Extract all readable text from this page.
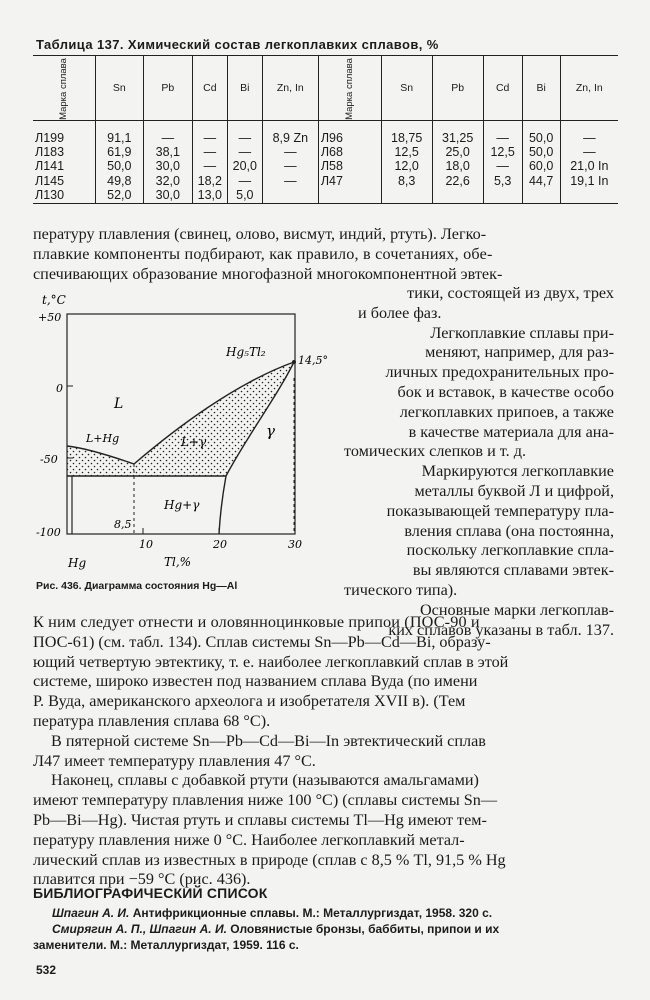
Таблица 137. Химический состав легкоплавких сплавов, %
Марка сплава	Sn	Pb	Cd	Bi	Zn, In	Марка сплава	Sn	Pb	Cd	Bi	Zn, In
Л199	91,1	—	—	—	8,9 Zn	Л96	18,75	31,25	—	50,0	—
Л183	61,9	38,1	—	—	—	Л68	12,5	25,0	12,5	50,0	—
Л141	50,0	30,0	—	20,0	—	Л58	12,0	18,0	—	60,0	21,0 In
Л145	49,8	32,0	18,2	—	—	Л47	8,3	22,6	5,3	44,7	19,1 In
Л130	52,0	30,0	13,0	5,0							
пературу плавления (свинец, олово, висмут, индий, ртуть). Легко-
плавкие компоненты подбирают, как правило, в сочетаниях, обе-
спечивающих образование многофазной многокомпонентной эвтек-
тики, состоящей из двух, трех
и более фаз.
Легкоплавкие сплавы при-
меняют, например, для раз-
личных предохранительных про-
бок и вставок, в качестве особо
легкоплавких припоев, а также
в качестве материала для ана-
томических слепков и т. д.
Маркируются легкоплавкие
металлы буквой Л и цифрой,
показывающей температуру пла-
вления сплава (она постоянна,
поскольку легкоплавкие спла-
вы являются сплавами эвтек-
тического типа).
Основные марки легкоплав-
ких сплавов указаны в табл. 137.
t,°C
+50
0
-50
-100
10	20	30
Hg	Tl,%
L
L+Hg
Hg₅Tl₂
L+γ
γ
Hg+γ
8,5
14,5°
Рис. 436. Диаграмма состояния Hg—Al
К ним следует отнести и оловянноцинковые припои (ПОС-90 и
ПОС-61) (см. табл. 134). Сплав системы Sn—Pb—Cd—Bi, образу-
ющий четвертую эвтектику, т. е. наиболее легкоплавкий сплав в этой
системе, широко известен под названием сплава Вуда (по имени
Р. Вуда, американского археолога и изобретателя XVII в). (Тем
пература плавления сплава 68 °С).
В пятерной системе Sn—Pb—Cd—Bi—In эвтектический сплав
Л47 имеет температуру плавления 47 °С.
Наконец, сплавы с добавкой ртути (называются амальгамами)
имеют температуру плавления ниже 100 °С) (сплавы системы Sn—
Pb—Bi—Hg). Чистая ртуть и сплавы системы Tl—Hg имеют тем-
пературу плавления ниже 0 °С. Наиболее легкоплавкий метал-
лический сплав из известных в природе (сплав с 8,5 % Tl, 91,5 % Hg
плавится при −59 °С (рис. 436).
БИБЛИОГРАФИЧЕСКИЙ СПИСОК
Шпагин А. И. Антифрикционные сплавы. М.: Металлургиздат, 1958. 320 с.
Смирягин А. П., Шпагин А. И. Оловянистые бронзы, баббиты, припои и их
заменители. М.: Металлургиздат, 1959. 116 с.
532
